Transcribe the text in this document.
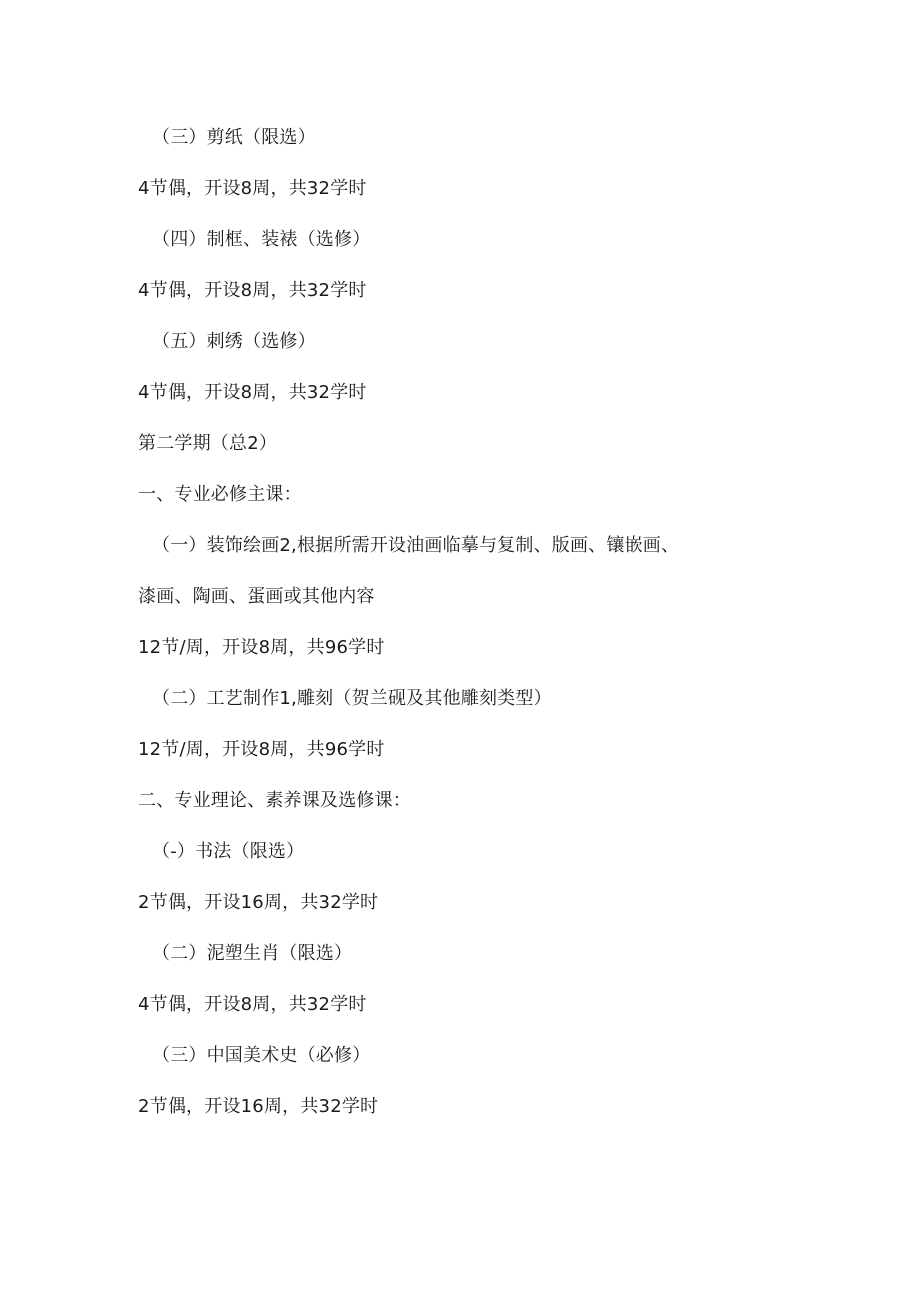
（三）剪纸（限选）
4节偶，开设8周，共32学时
（四）制框、装裱（选修）
4节偶，开设8周，共32学时
（五）刺绣（选修）
4节偶，开设8周，共32学时
第二学期（总2）
一、专业必修主课：
（一）装饰绘画2,根据所需开设油画临摹与复制、版画、镶嵌画、
漆画、陶画、蛋画或其他内容
12节/周，开设8周，共96学时
（二）工艺制作1,雕刻（贺兰砚及其他雕刻类型）
12节/周，开设8周，共96学时
二、专业理论、素养课及选修课：
（-）书法（限选）
2节偶，开设16周，共32学时
（二）泥塑生肖（限选）
4节偶，开设8周，共32学时
（三）中国美术史（必修）
2节偶，开设16周，共32学时
